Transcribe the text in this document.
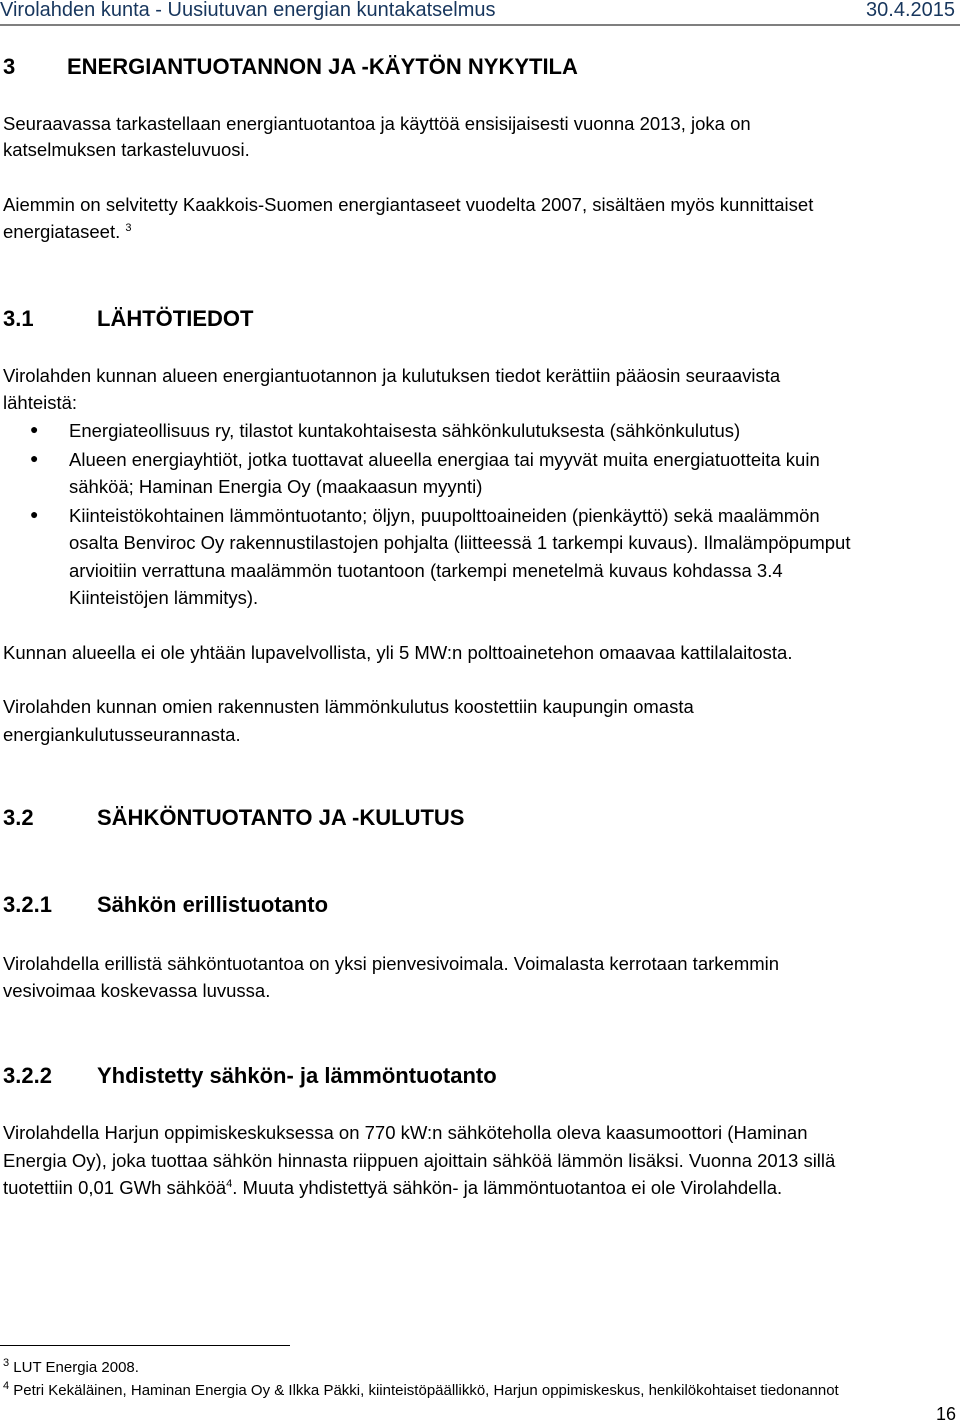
Virolahden kunta - Uusiutuvan energian kuntakatselmus	30.4.2015
3 ENERGIANTUOTANNON JA -KÄYTÖN NYKYTILA
Seuraavassa tarkastellaan energiantuotantoa ja käyttöä ensisijaisesti vuonna 2013, joka on
katselmuksen tarkasteluvuosi.
Aiemmin on selvitetty Kaakkois-Suomen energiantaseet vuodelta 2007, sisältäen myös kunnittaiset
energiataseet. $^3$
3.1	LÄHTÖTIEDOT
Virolahden kunnan alueen energiantuotannon ja kulutuksen tiedot kerättiin pääosin seuraavista
lähteistä:
● Energiateollisuus ry, tilastot kuntakohtaisesta sähkönkulutuksesta (sähkönkulutus)
● Alueen energiayhtiöt, jotka tuottavat alueella energiaa tai myyvät muita energiatuotteita kuin
sähköä; Haminan Energia Oy (maakaasun myynti)
● Kiinteistökohtainen lämmöntuotanto; öljyn, puupolttoaineiden (pienkäyttö) sekä maalämmön
osalta Benviroc Oy rakennustilastojen pohjalta (liitteessä 1 tarkempi kuvaus). Ilmalämpöpumput
arvioitiin verrattuna maalämmön tuotantoon (tarkempi menetelmä kuvaus kohdassa 3.4
Kiinteistöjen lämmitys).
Kunnan alueella ei ole yhtään lupavelvollista, yli 5 MW:n polttoainetehon omaavaa kattilalaitosta.
Virolahden kunnan omien rakennusten lämmönkulutus koostettiin kaupungin omasta
energiankulutusseurannasta.
3.2	SÄHKÖNTUOTANTO JA -KULUTUS
3.2.1 Sähkön erillistuotanto
Virolahdella erillistä sähköntuotantoa on yksi pienvesivoimala. Voimalasta kerrotaan tarkemmin
vesivoimaa koskevassa luvussa.
3.2.2 Yhdistetty sähkön- ja lämmöntuotanto
Virolahdella Harjun oppimiskeskuksessa on 770 kW:n sähköteholla oleva kaasumoottori (Haminan
Energia Oy), joka tuottaa sähkön hinnasta riippuen ajoittain sähköä lämmön lisäksi. Vuonna 2013 sillä
tuotettiin 0,01 GWh sähköä$^4$. Muuta yhdistettyä sähkön- ja lämmöntuotantoa ei ole Virolahdella.
$^3$ LUT Energia 2008.
$^4$ Petri Kekäläinen, Haminan Energia Oy & Ilkka Päkki, kiinteistöpäällikkö, Harjun oppimiskeskus, henkilökohtaiset tiedonannot
16
